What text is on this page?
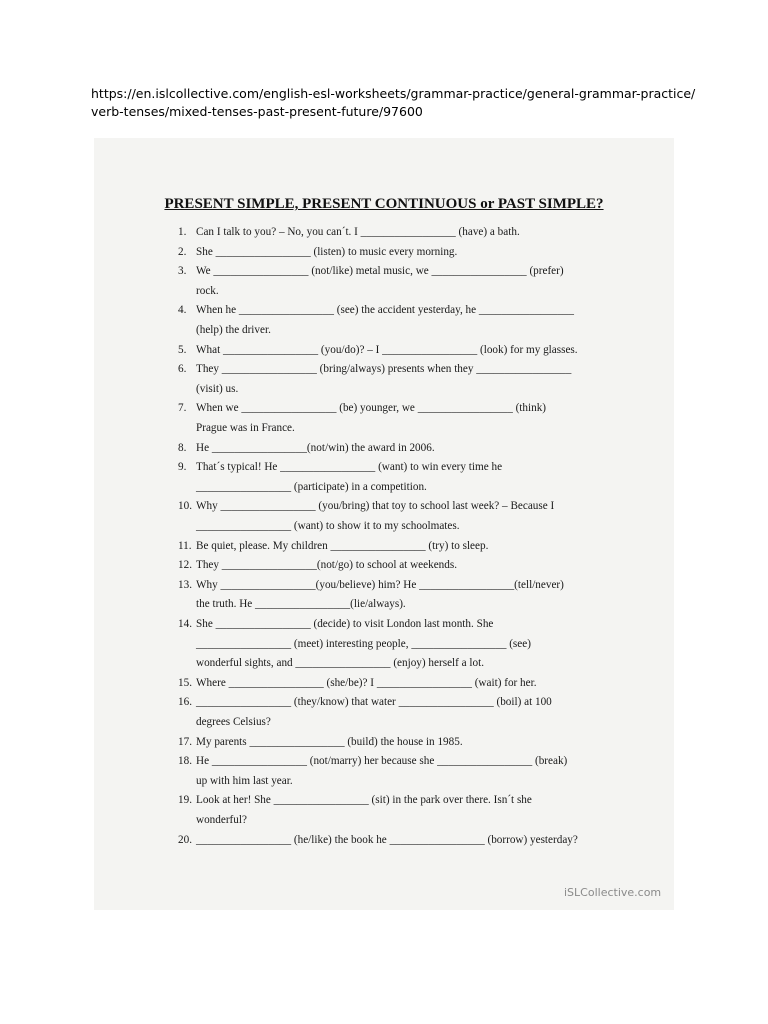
https://en.islcollective.com/english-esl-worksheets/grammar-practice/general-grammar-practice/
verb-tenses/mixed-tenses-past-present-future/97600
PRESENT SIMPLE, PRESENT CONTINUOUS or PAST SIMPLE?
1. Can I talk to you? – No, you can´t. I _________________ (have) a bath.
2. She _________________ (listen) to music every morning.
3. We _________________ (not/like) metal music, we _________________ (prefer)
rock.
4. When he _________________ (see) the accident yesterday, he _________________
(help) the driver.
5. What _________________ (you/do)? – I _________________ (look) for my glasses.
6. They _________________ (bring/always) presents when they _________________
(visit) us.
7. When we _________________ (be) younger, we _________________ (think)
Prague was in France.
8. He _________________(not/win) the award in 2006.
9. That´s typical! He _________________ (want) to win every time he
_________________ (participate) in a competition.
10. Why _________________ (you/bring) that toy to school last week? – Because I
_________________ (want) to show it to my schoolmates.
11. Be quiet, please. My children _________________ (try) to sleep.
12. They _________________(not/go) to school at weekends.
13. Why _________________(you/believe) him? He _________________(tell/never)
the truth. He _________________(lie/always).
14. She _________________ (decide) to visit London last month. She
_________________ (meet) interesting people, _________________ (see)
wonderful sights, and _________________ (enjoy) herself a lot.
15. Where _________________ (she/be)? I _________________ (wait) for her.
16. _________________ (they/know) that water _________________ (boil) at 100
degrees Celsius?
17. My parents _________________ (build) the house in 1985.
18. He _________________ (not/marry) her because she _________________ (break)
up with him last year.
19. Look at her! She _________________ (sit) in the park over there. Isn´t she
wonderful?
20. _________________ (he/like) the book he _________________ (borrow) yesterday?
iSLCollective.com
